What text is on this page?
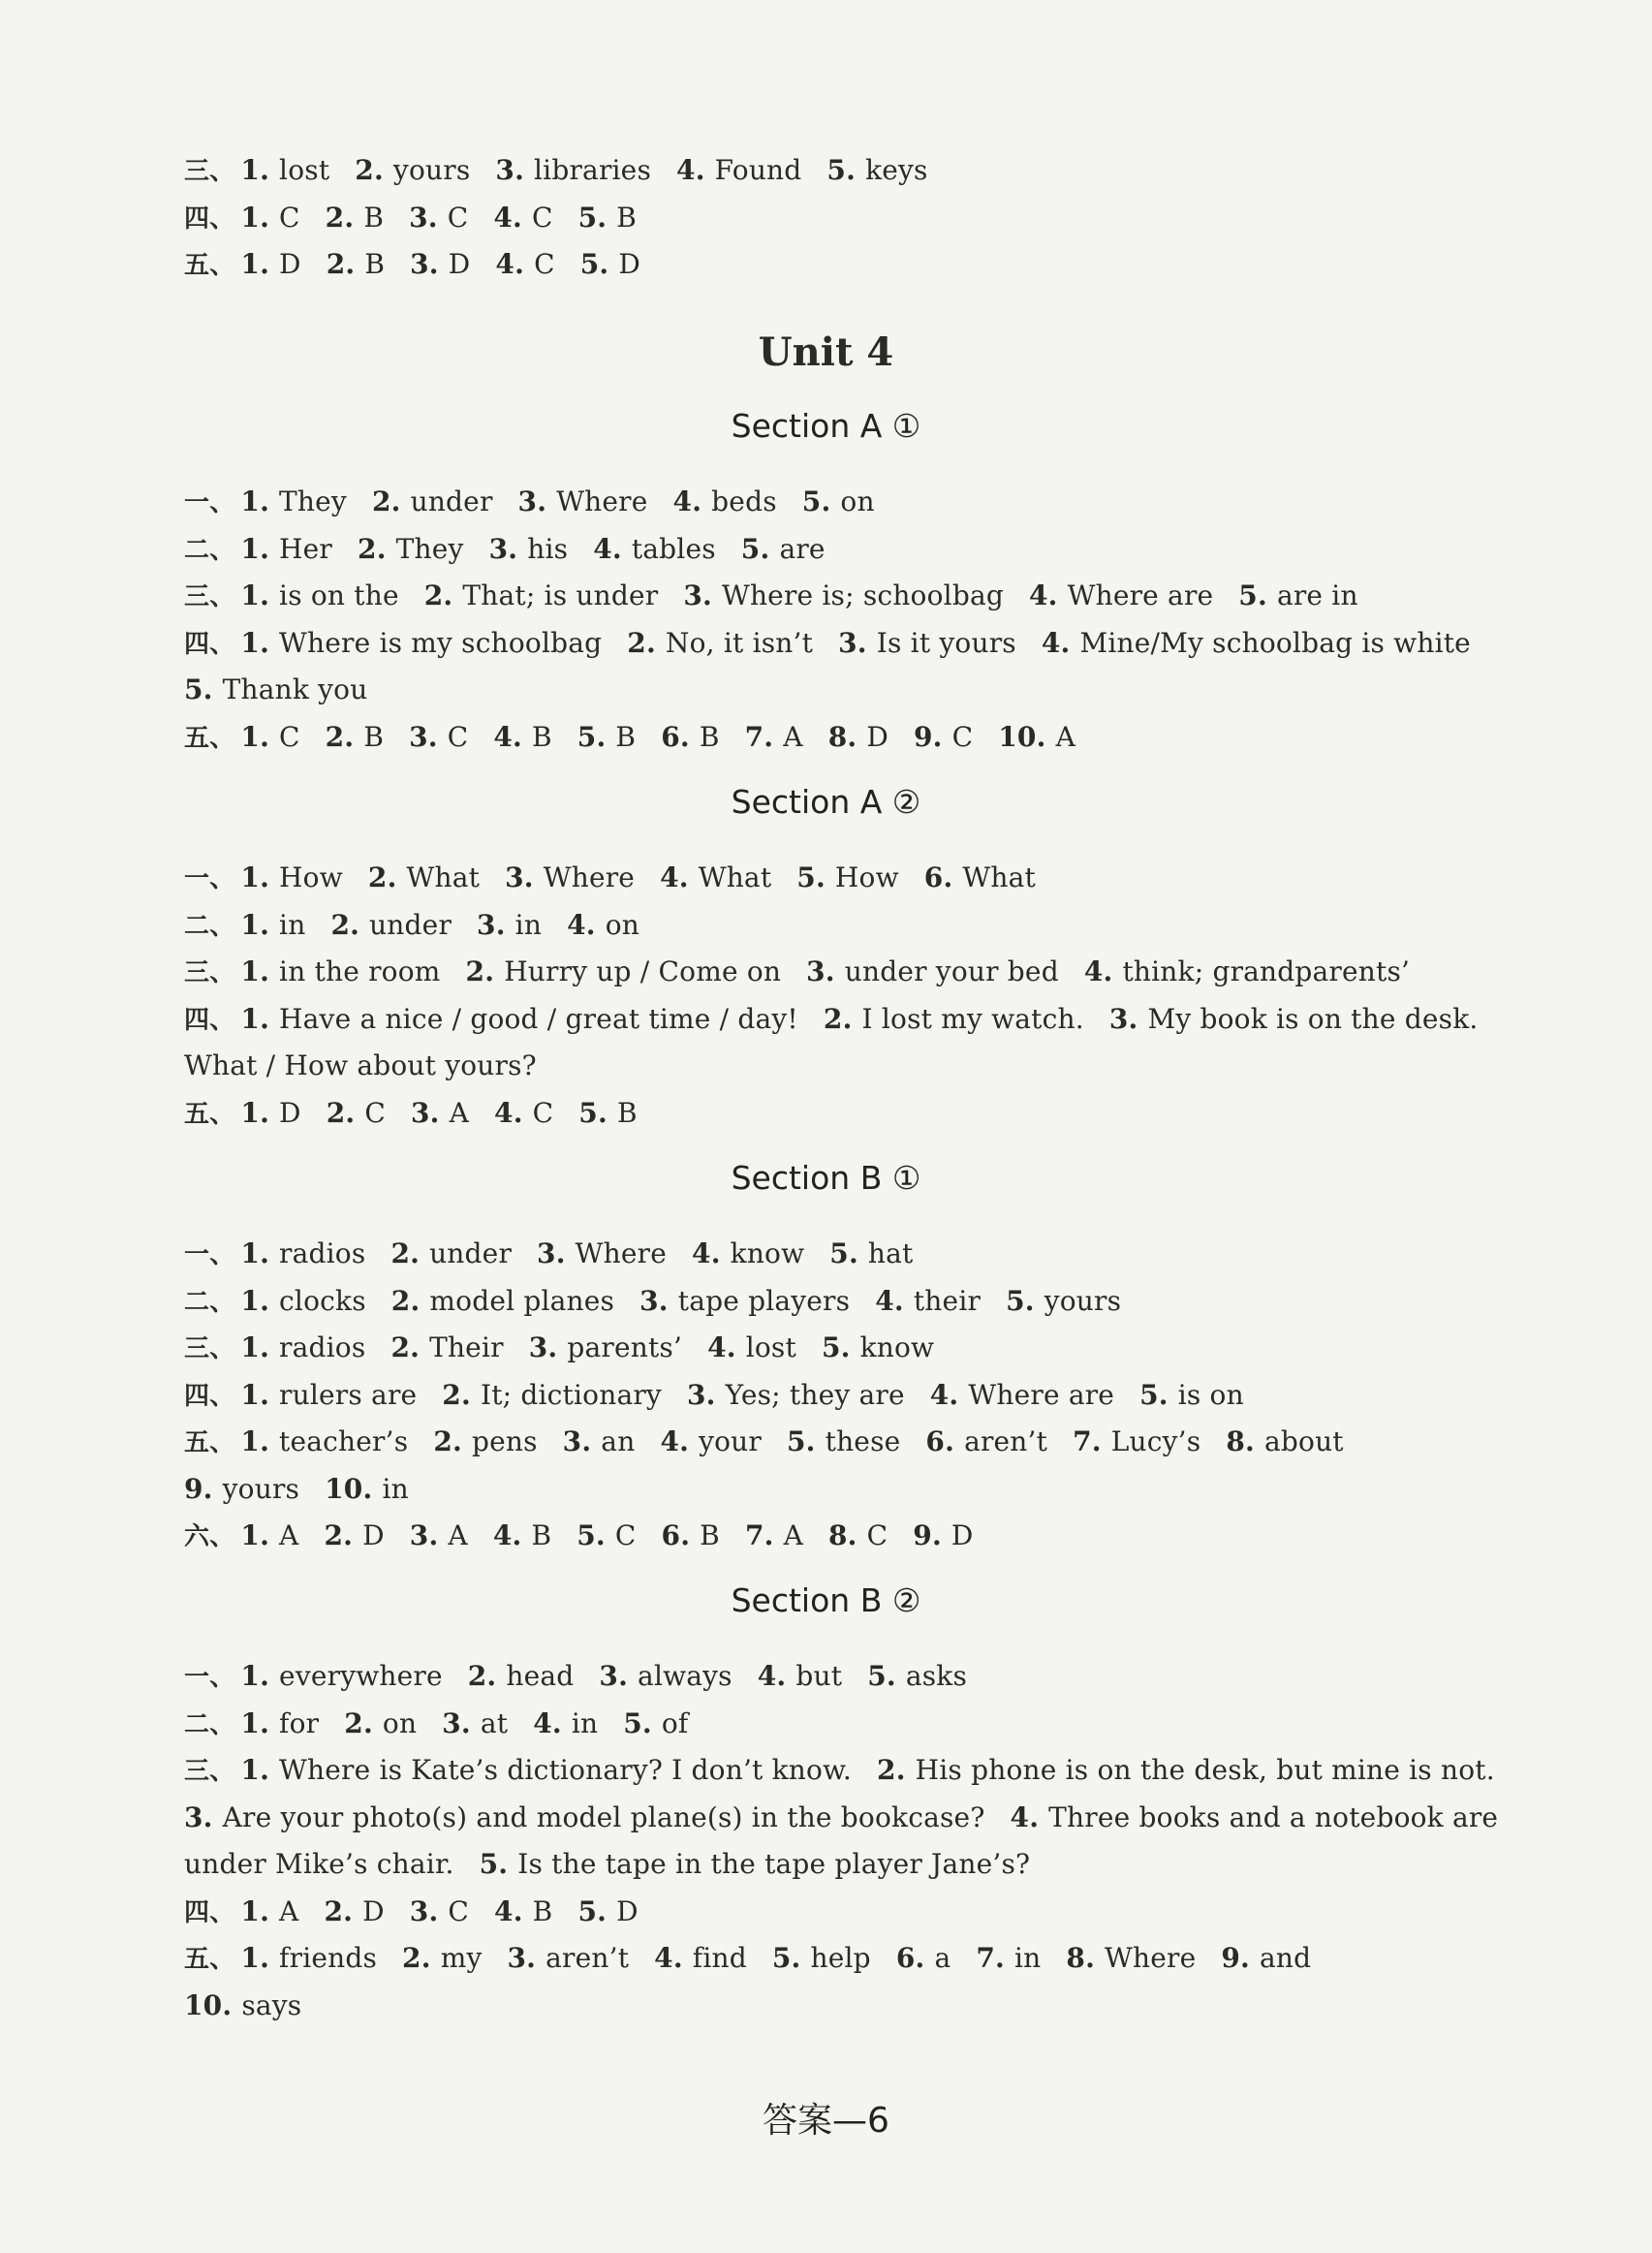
三、 1. lost 2. yours 3. libraries 4. Found 5. keys
四、 1. C 2. B 3. C 4. C 5. B
五、 1. D 2. B 3. D 4. C 5. D
Unit 4
Section A ①
一、 1. They 2. under 3. Where 4. beds 5. on
二、 1. Her 2. They 3. his 4. tables 5. are
三、 1. is on the 2. That; is under 3. Where is; schoolbag 4. Where are 5. are in
四、 1. Where is my schoolbag 2. No, it isn’t 3. Is it yours 4. Mine/My schoolbag is white
5. Thank you
五、 1. C 2. B 3. C 4. B 5. B 6. B 7. A 8. D 9. C 10. A
Section A ②
一、 1. How 2. What 3. Where 4. What 5. How 6. What
二、 1. in 2. under 3. in 4. on
三、 1. in the room 2. Hurry up / Come on 3. under your bed 4. think; grandparents’
四、 1. Have a nice / good / great time / day! 2. I lost my watch. 3. My book is on the desk.
What / How about yours?
五、 1. D 2. C 3. A 4. C 5. B
Section B ①
一、 1. radios 2. under 3. Where 4. know 5. hat
二、 1. clocks 2. model planes 3. tape players 4. their 5. yours
三、 1. radios 2. Their 3. parents’ 4. lost 5. know
四、 1. rulers are 2. It; dictionary 3. Yes; they are 4. Where are 5. is on
五、 1. teacher’s 2. pens 3. an 4. your 5. these 6. aren’t 7. Lucy’s 8. about
9. yours 10. in
六、 1. A 2. D 3. A 4. B 5. C 6. B 7. A 8. C 9. D
Section B ②
一、 1. everywhere 2. head 3. always 4. but 5. asks
二、 1. for 2. on 3. at 4. in 5. of
三、 1. Where is Kate’s dictionary? I don’t know. 2. His phone is on the desk, but mine is not.
3. Are your photo(s) and model plane(s) in the bookcase? 4. Three books and a notebook are
under Mike’s chair. 5. Is the tape in the tape player Jane’s?
四、 1. A 2. D 3. C 4. B 5. D
五、 1. friends 2. my 3. aren’t 4. find 5. help 6. a 7. in 8. Where 9. and
10. says
答案—6
